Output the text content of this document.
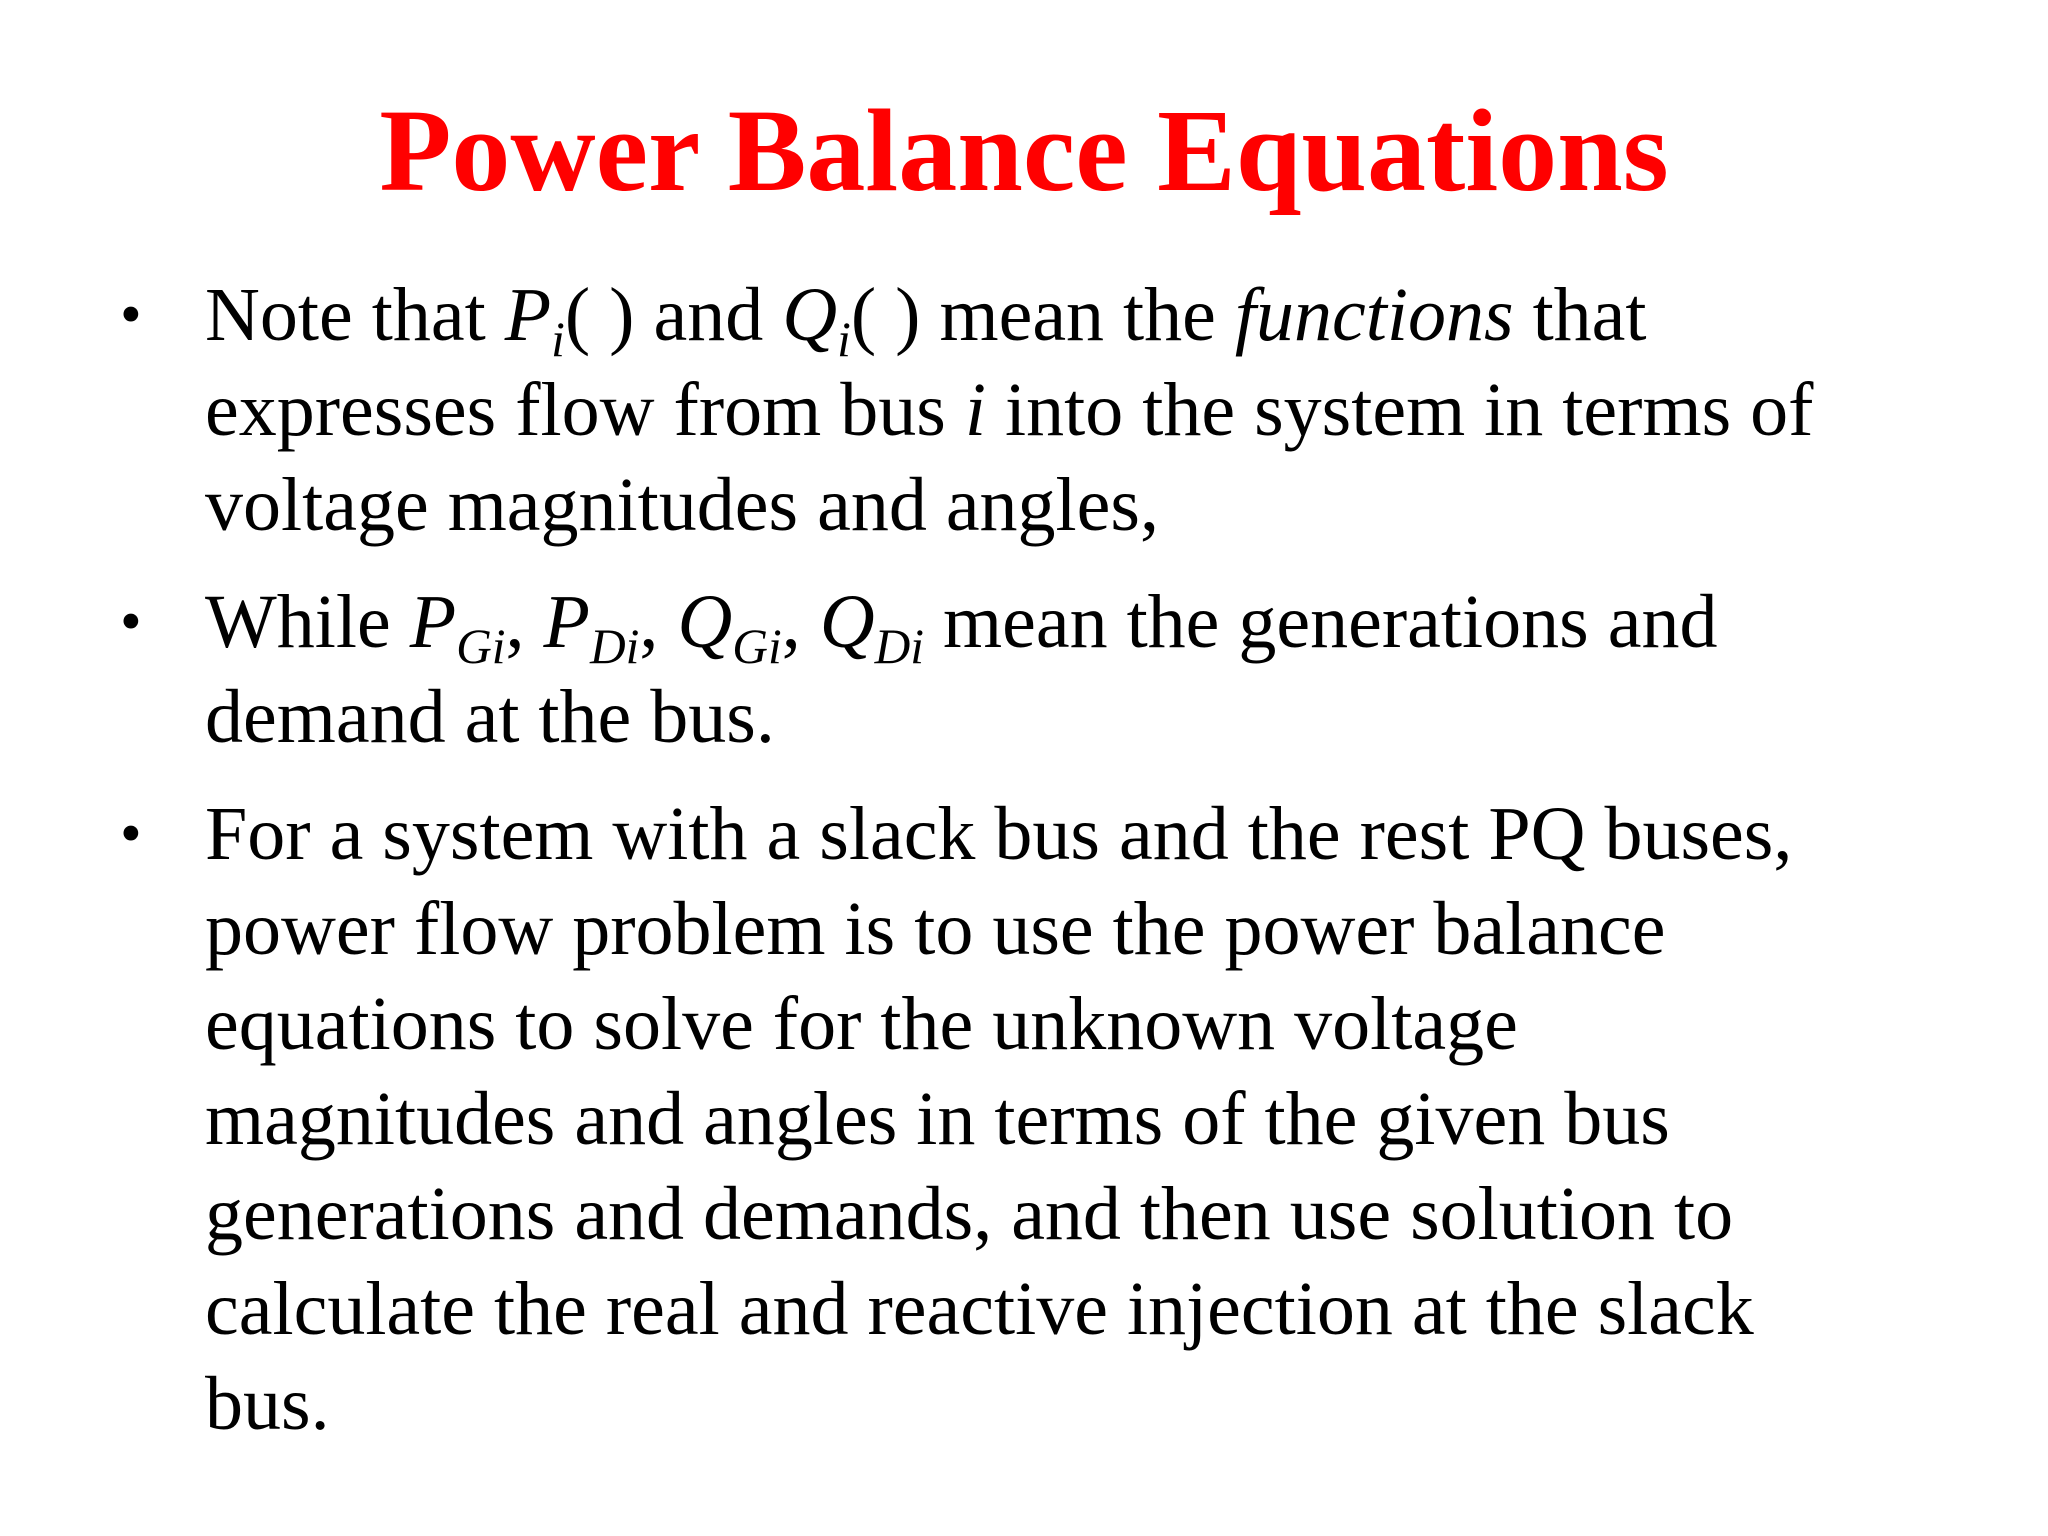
Power Balance Equations
• Note that $P_i$( ) and $Q_i$( ) mean the functions that
expresses flow from bus i into the system in terms of
voltage magnitudes and angles,
• While $P_{Gi}$, $P_{Di}$, $Q_{Gi}$, $Q_{Di}$ mean the generations and
demand at the bus.
• For a system with a slack bus and the rest PQ buses,
power flow problem is to use the power balance
equations to solve for the unknown voltage
magnitudes and angles in terms of the given bus
generations and demands, and then use solution to
calculate the real and reactive injection at the slack
bus.
